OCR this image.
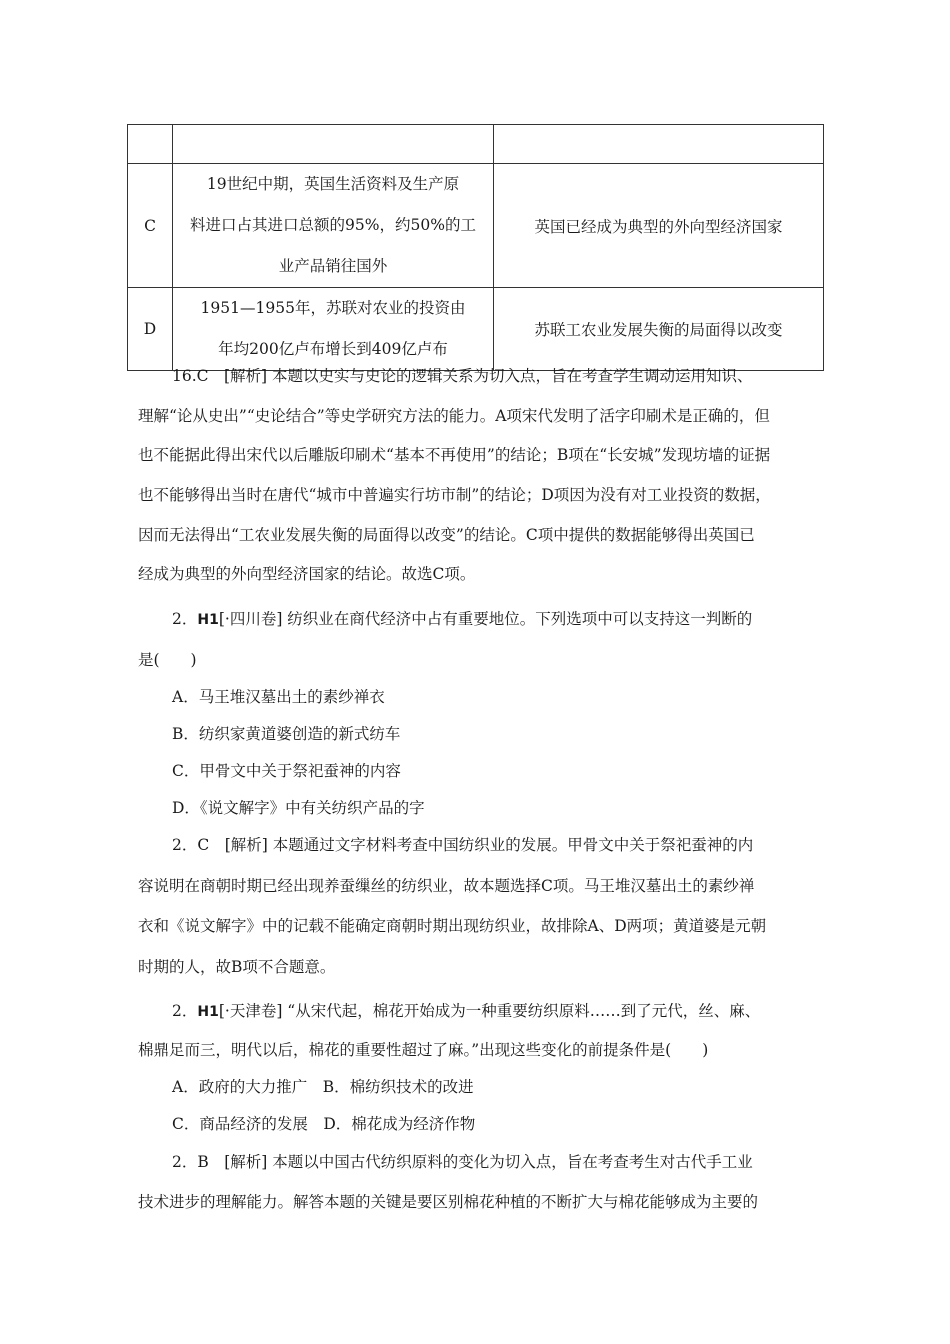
C	19世纪中期，英国生活资料及生产原
料进口占其进口总额的95%，约50%的工
业产品销往国外	英国已经成为典型的外向型经济国家
D	1951—1955年，苏联对农业的投资由
年均200亿卢布增长到409亿卢布	苏联工农业发展失衡的局面得以改变

16.C　[解析] 本题以史实与史论的逻辑关系为切入点，旨在考查学生调动运用知识、

理解“论从史出”“史论结合”等史学研究方法的能力。A项宋代发明了活字印刷术是正确的，但

也不能据此得出宋代以后雕版印刷术“基本不再使用”的结论；B项在“长安城”发现坊墙的证据

也不能够得出当时在唐代“城市中普遍实行坊市制”的结论；D项因为没有对工业投资的数据，

因而无法得出“工农业发展失衡的局面得以改变”的结论。C项中提供的数据能够得出英国已

经成为典型的外向型经济国家的结论。故选C项。

2．H1[·四川卷] 纺织业在商代经济中占有重要地位。下列选项中可以支持这一判断的

是(　　)

A．马王堆汉墓出土的素纱禅衣

B．纺织家黄道婆创造的新式纺车

C．甲骨文中关于祭祀蚕神的内容

D．《说文解字》中有关纺织产品的字

2．C　[解析] 本题通过文字材料考查中国纺织业的发展。甲骨文中关于祭祀蚕神的内

容说明在商朝时期已经出现养蚕缫丝的纺织业，故本题选择C项。马王堆汉墓出土的素纱禅

衣和《说文解字》中的记载不能确定商朝时期出现纺织业，故排除A、D两项；黄道婆是元朝

时期的人，故B项不合题意。

2．H1[·天津卷] “从宋代起，棉花开始成为一种重要纺织原料……到了元代，丝、麻、

棉鼎足而三，明代以后，棉花的重要性超过了麻。”出现这些变化的前提条件是(　　)

A．政府的大力推广　B．棉纺织技术的改进

C．商品经济的发展　D．棉花成为经济作物

2．B　[解析] 本题以中国古代纺织原料的变化为切入点，旨在考查考生对古代手工业

技术进步的理解能力。解答本题的关键是要区别棉花种植的不断扩大与棉花能够成为主要的
